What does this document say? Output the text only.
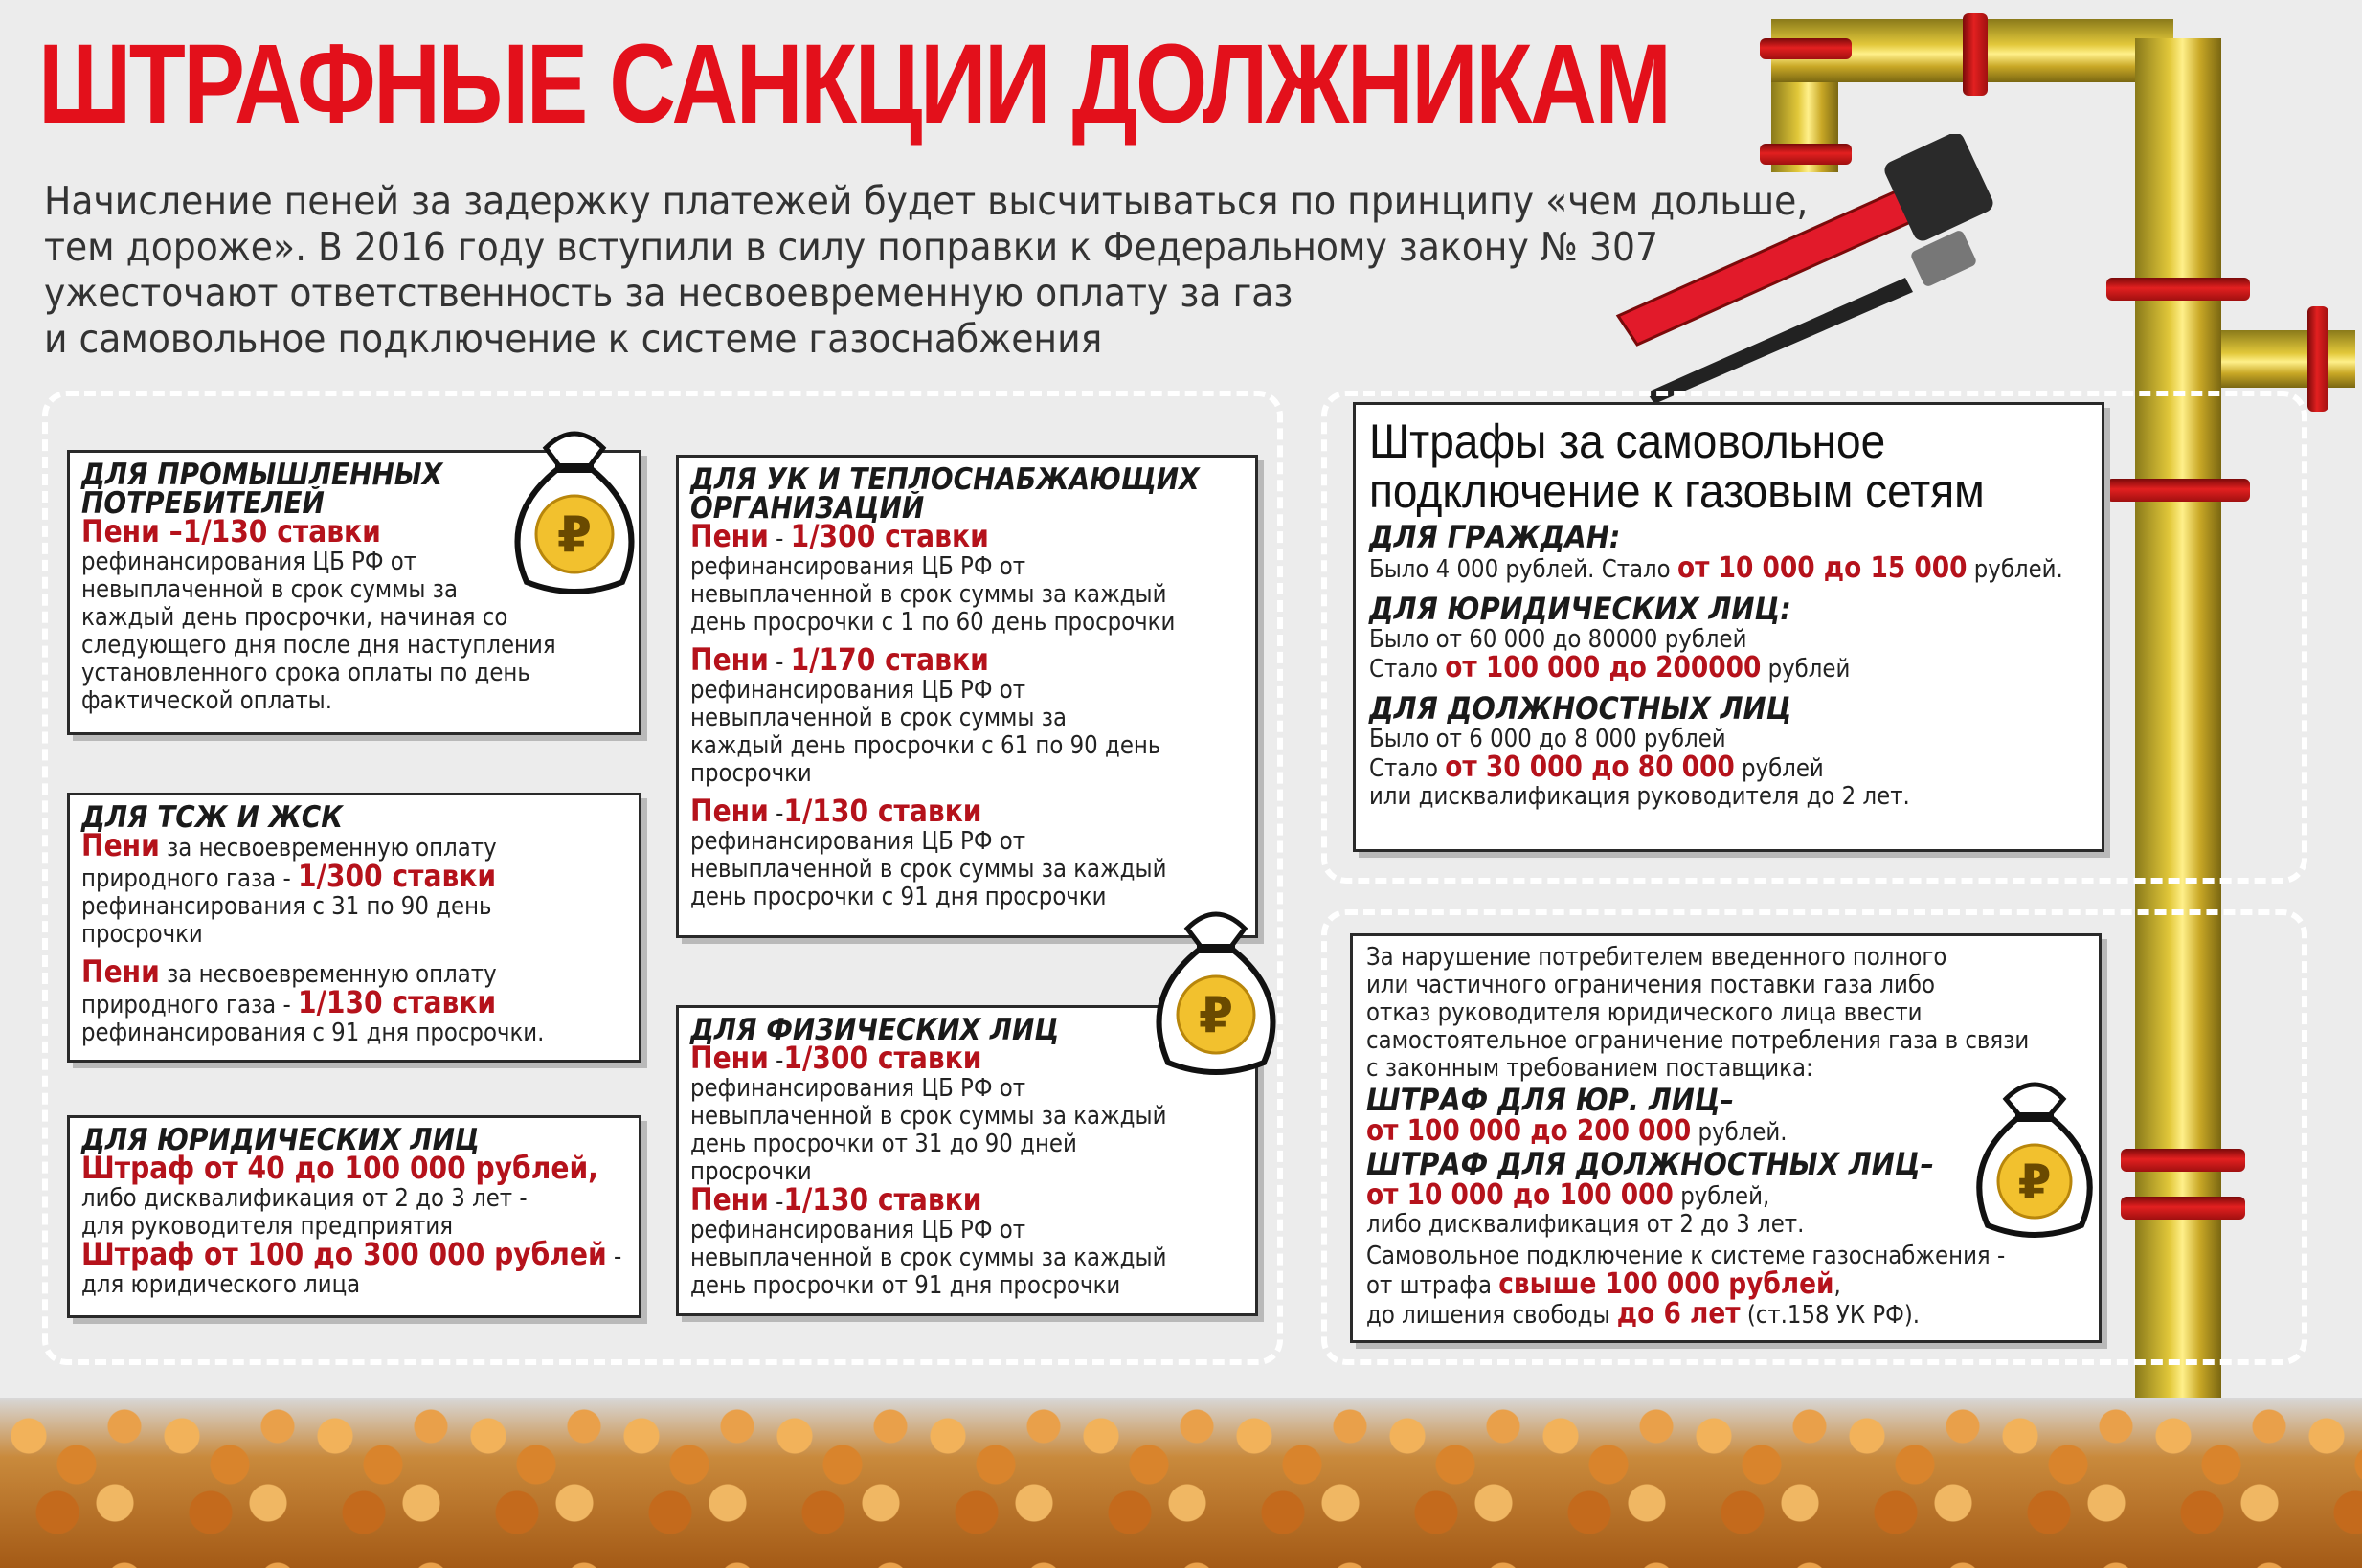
ШТРАФНЫЕ САНКЦИИ ДОЛЖНИКАМ
Начисление пеней за задержку платежей будет высчитываться по принципу «чем дольше,
тем дороже». В 2016 году вступили в силу поправки к Федеральному закону № 307
ужесточают ответственность за несвоевременную оплату за газ
и самовольное подключение к системе газоснабжения
ДЛЯ ПРОМЫШЛЕННЫХ
ПОТРЕБИТЕЛЕЙ
Пени –1/130 ставки
рефинансирования ЦБ РФ от
невыплаченной в срок суммы за
каждый день просрочки, начиная со
следующего дня после дня наступления
установленного срока оплаты по день
фактической оплаты.
ДЛЯ ТСЖ И ЖСК
Пени за несвоевременную оплату
природного газа - 1/300 ставки
рефинансирования с 31 по 90 день
просрочки
Пени за несвоевременную оплату
природного газа - 1/130 ставки
рефинансирования с 91 дня просрочки.
ДЛЯ ЮРИДИЧЕСКИХ ЛИЦ
Штраф от 40 до 100 000 рублей,
либо дисквалификация от 2 до 3 лет -
для руководителя предприятия
Штраф от 100 до 300 000 рублей -
для юридического лица
ДЛЯ УК И ТЕПЛОСНАБЖАЮЩИХ
ОРГАНИЗАЦИЙ
Пени - 1/300 ставки
рефинансирования ЦБ РФ от
невыплаченной в срок суммы за каждый
день просрочки с 1 по 60 день просрочки
Пени - 1/170 ставки
рефинансирования ЦБ РФ от
невыплаченной в срок суммы за
каждый день просрочки с 61 по 90 день
просрочки
Пени -1/130 ставки
рефинансирования ЦБ РФ от
невыплаченной в срок суммы за каждый
день просрочки с 91 дня просрочки
ДЛЯ ФИЗИЧЕСКИХ ЛИЦ
Пени -1/300 ставки
рефинансирования ЦБ РФ от
невыплаченной в срок суммы за каждый
день просрочки от 31 до 90 дней
просрочки
Пени -1/130 ставки
рефинансирования ЦБ РФ от
невыплаченной в срок суммы за каждый
день просрочки от 91 дня просрочки
Штрафы за самовольное
подключение к газовым сетям
ДЛЯ ГРАЖДАН:
Было 4 000 рублей. Стало от 10 000 до 15 000 рублей.
ДЛЯ ЮРИДИЧЕСКИХ ЛИЦ:
Было от 60 000 до 80000 рублей
Стало от 100 000 до 200000 рублей
ДЛЯ ДОЛЖНОСТНЫХ ЛИЦ
Было от 6 000 до 8 000 рублей
Стало от 30 000 до 80 000 рублей
или дисквалификация руководителя до 2 лет.
За нарушение потребителем введенного полного
или частичного ограничения поставки газа либо
отказ руководителя юридического лица ввести
самостоятельное ограничение потребления газа в связи
с законным требованием поставщика:
ШТРАФ ДЛЯ ЮР. ЛИЦ–
от 100 000 до 200 000 рублей.
ШТРАФ ДЛЯ ДОЛЖНОСТНЫХ ЛИЦ–
от 10 000 до 100 000 рублей,
либо дисквалификация от 2 до 3 лет.
Самовольное подключение к системе газоснабжения -
от штрафа свыше 100 000 рублей,
до лишения свободы до 6 лет (ст.158 УК РФ).
₽
₽
₽
